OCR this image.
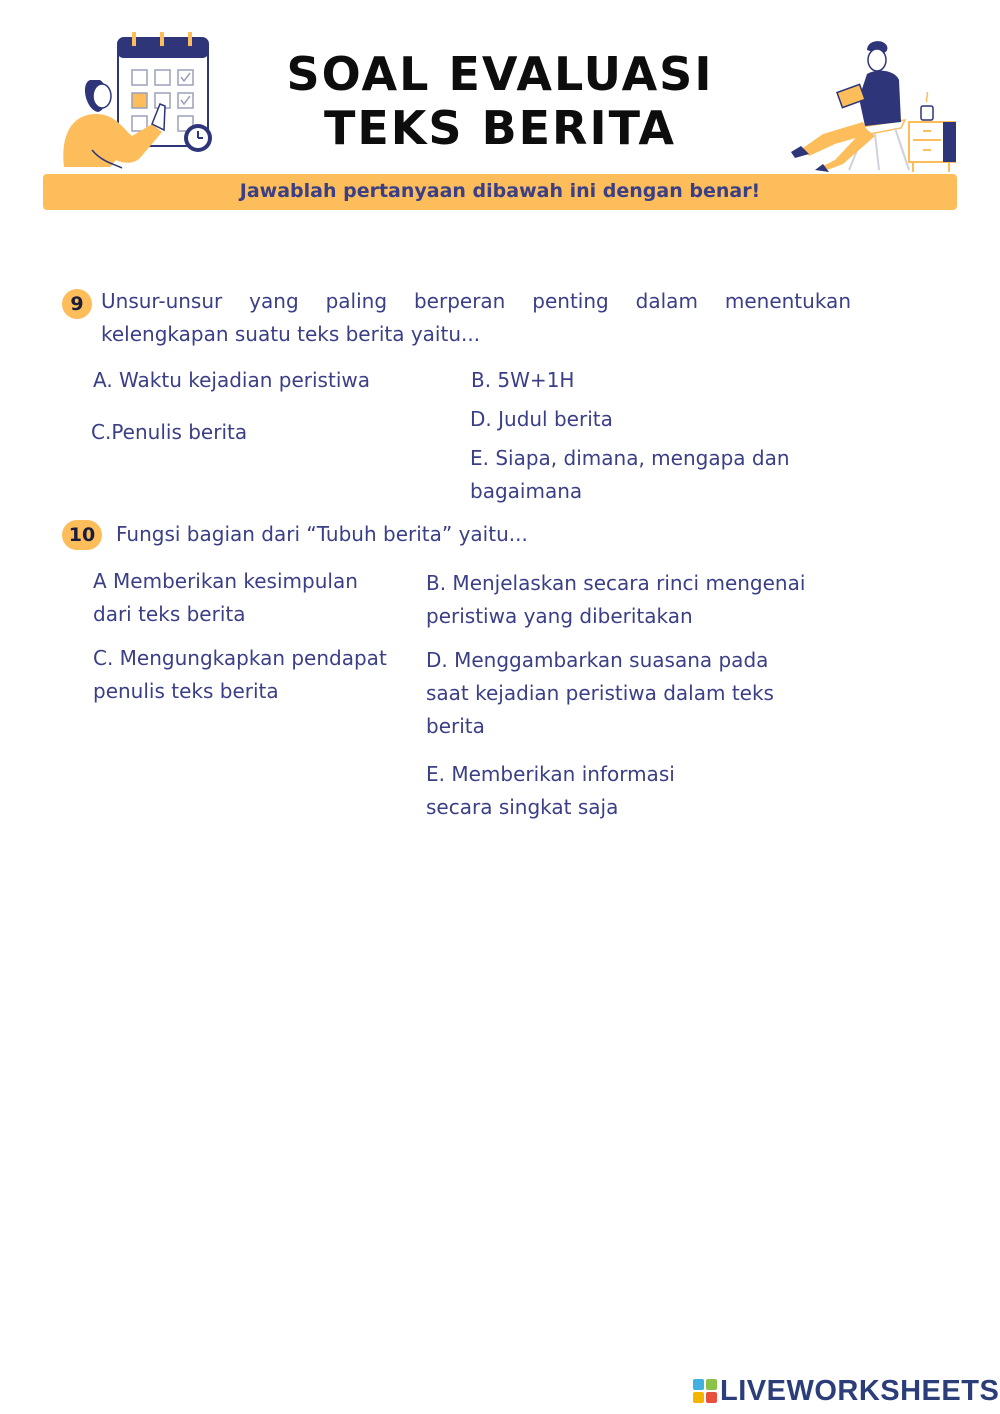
SOAL EVALUASI
TEKS BERITA
Jawablah pertanyaan dibawah ini dengan benar!
9 Unsur-unsur yang paling berperan penting dalam menentukan kelengkapan suatu teks berita yaitu...
A. Waktu kejadian peristiwa	B. 5W+1H
C.Penulis berita
D. Judul berita
E. Siapa, dimana, mengapa dan bagaimana
10	Fungsi bagian dari “Tubuh berita” yaitu...
A Memberikan kesimpulan dari teks berita
B. Menjelaskan secara rinci mengenai peristiwa yang diberitakan
C. Mengungkapkan pendapat penulis teks berita
D. Menggambarkan suasana pada saat kejadian peristiwa dalam teks berita
E. Memberikan informasi secara singkat saja
LIVEWORKSHEETS
